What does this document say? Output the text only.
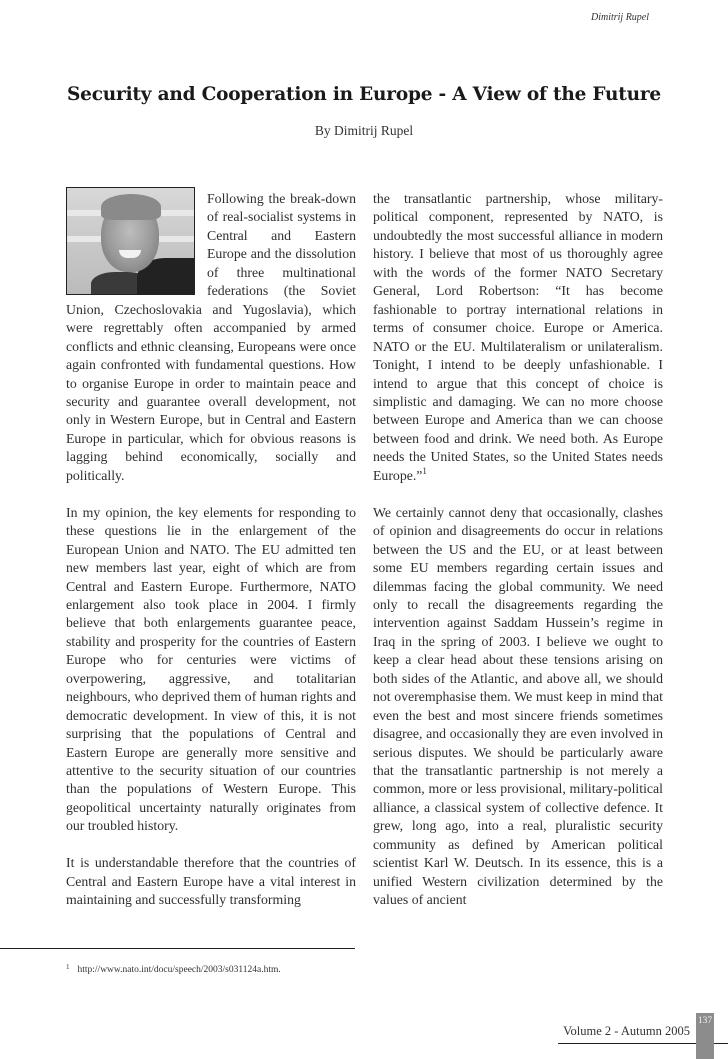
Dimitrij Rupel
Security and Cooperation in Europe - A View of the Future
By Dimitrij Rupel

Following the break-down of real-socialist systems in Central and Eastern Europe and the dissolution of three multinational federations (the Soviet Union, Czechoslovakia and Yugoslavia), which were regrettably often accompanied by armed conflicts and ethnic cleansing, Europeans were once again confronted with fundamental questions. How to organise Europe in order to maintain peace and security and guarantee overall development, not only in Western Europe, but in Central and Eastern Europe in particular, which for obvious reasons is lagging behind economically, socially and politically.

In my opinion, the key elements for responding to these questions lie in the enlargement of the European Union and NATO. The EU admitted ten new members last year, eight of which are from Central and Eastern Europe. Furthermore, NATO enlargement also took place in 2004. I firmly believe that both enlargements guarantee peace, stability and prosperity for the countries of Eastern Europe who for centuries were victims of overpowering, aggressive, and totalitarian neighbours, who deprived them of human rights and democratic development. In view of this, it is not surprising that the populations of Central and Eastern Europe are generally more sensitive and attentive to the security situation of our countries than the populations of Western Europe. This geopolitical uncertainty naturally originates from our troubled history.

It is understandable therefore that the countries of Central and Eastern Europe have a vital interest in maintaining and successfully transforming

the transatlantic partnership, whose military-political component, represented by NATO, is undoubtedly the most successful alliance in modern history. I believe that most of us thoroughly agree with the words of the former NATO Secretary General, Lord Robertson: “It has become fashionable to portray international relations in terms of consumer choice. Europe or America. NATO or the EU. Multilateralism or unilateralism. Tonight, I intend to be deeply unfashionable. I intend to argue that this concept of choice is simplistic and damaging. We can no more choose between Europe and America than we can choose between food and drink. We need both. As Europe needs the United States, so the United States needs Europe.”$^1$

We certainly cannot deny that occasionally, clashes of opinion and disagreements do occur in relations between the US and the EU, or at least between some EU members regarding certain issues and dilemmas facing the global community. We need only to recall the disagreements regarding the intervention against Saddam Hussein’s regime in Iraq in the spring of 2003. I believe we ought to keep a clear head about these tensions arising on both sides of the Atlantic, and above all, we should not overemphasise them. We must keep in mind that even the best and most sincere friends sometimes disagree, and occasionally they are even involved in serious disputes. We should be particularly aware that the transatlantic partnership is not merely a common, more or less provisional, military-political alliance, a classical system of collective defence. It grew, long ago, into a real, pluralistic security community as defined by American political scientist Karl W. Deutsch. In its essence, this is a unified Western civilization determined by the values of ancient

$^1$ http://www.nato.int/docu/speech/2003/s031124a.htm.
Volume 2 - Autumn 2005
137
